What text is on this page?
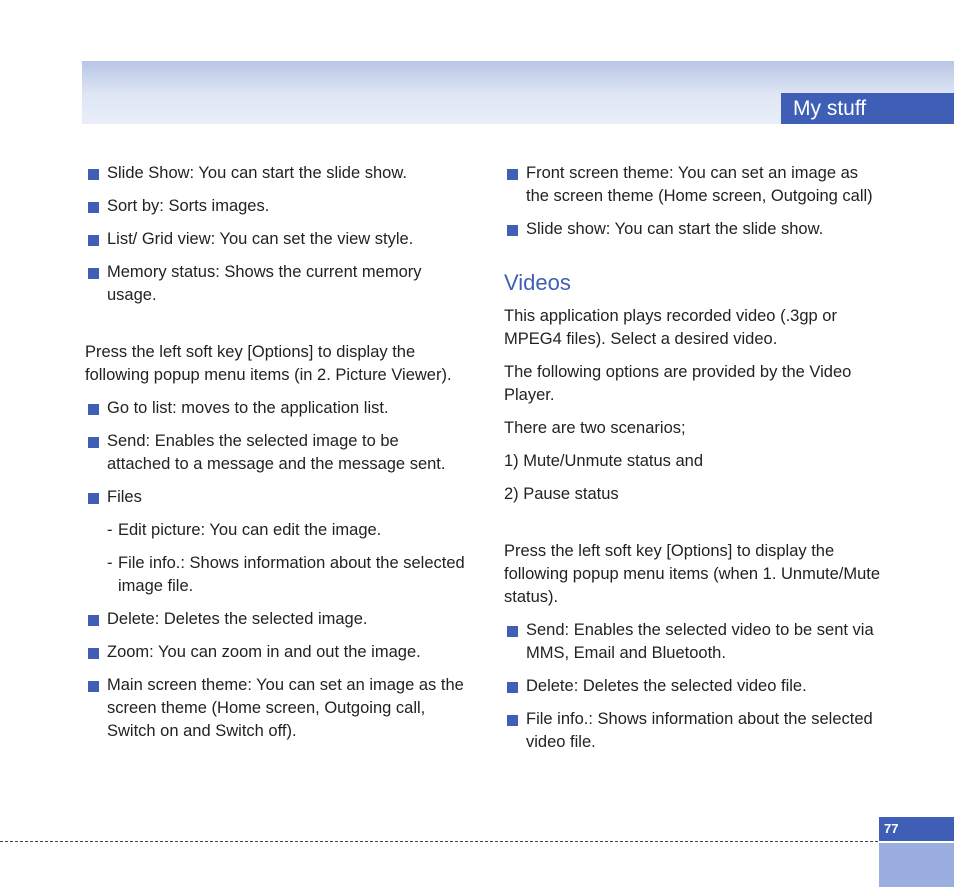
My stuff
Slide Show: You can start the slide show.
Sort by: Sorts images.
List/ Grid view: You can set the view style.
Memory status: Shows the current memory usage.
Press the left soft key [Options] to display the following popup menu items (in 2. Picture Viewer).
Go to list: moves to the application list.
Send: Enables the selected image to be attached to a message and the message sent.
Files
- Edit picture: You can edit the image.
- File info.: Shows information about the selected image file.
Delete: Deletes the selected image.
Zoom: You can zoom in and out the image.
Main screen theme: You can set an image as the screen theme (Home screen, Outgoing call, Switch on and Switch off).
Front screen theme: You can set an image as the screen theme (Home screen, Outgoing call)
Slide show: You can start the slide show.
Videos
This application plays recorded video (.3gp or MPEG4 files). Select a desired video.
The following options are provided by the Video Player.
There are two scenarios;
1) Mute/Unmute status and
2) Pause status
Press the left soft key [Options] to display the following popup menu items (when 1. Unmute/Mute status).
Send: Enables the selected video to be sent via MMS, Email and Bluetooth.
Delete: Deletes the selected video file.
File info.: Shows information about the selected video file.
77
